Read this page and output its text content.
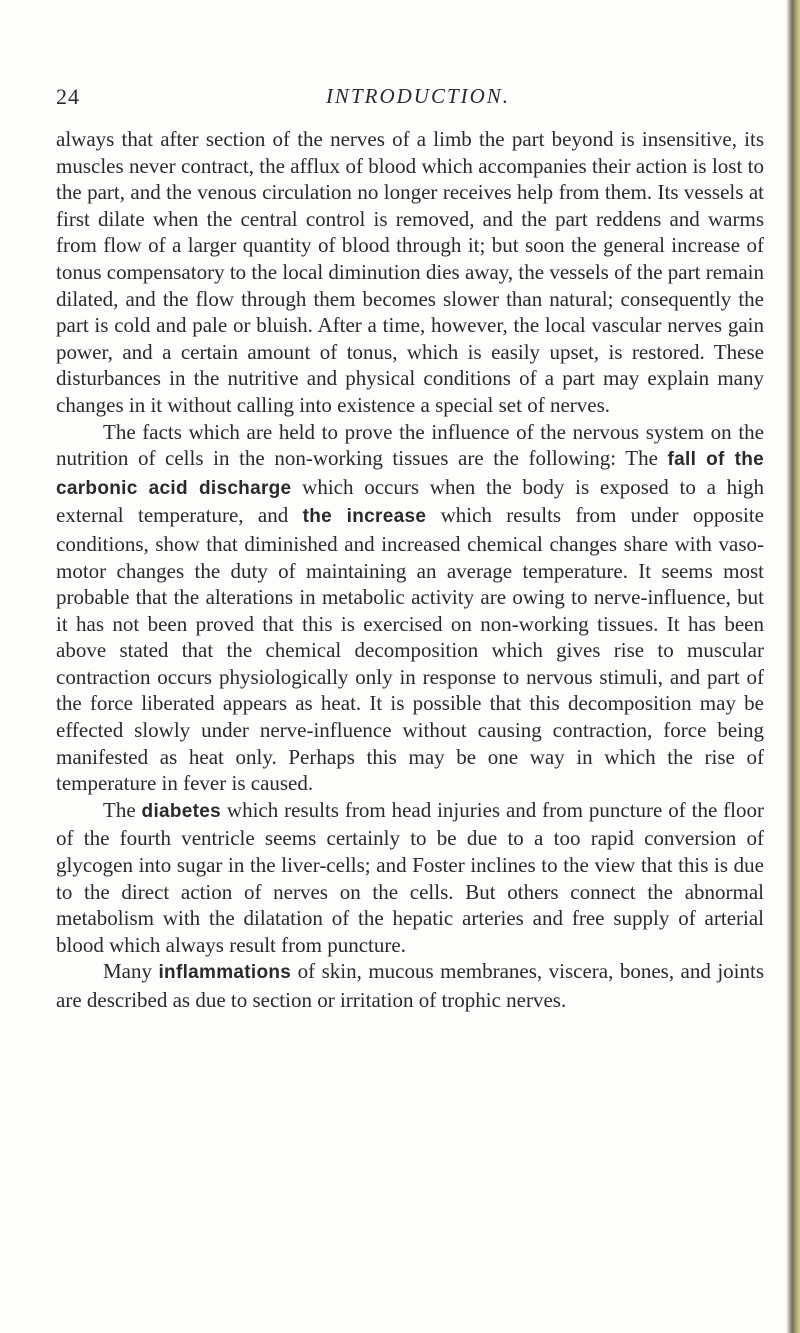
24	INTRODUCTION.

always that after section of the nerves of a limb the part beyond is insensitive, its muscles never contract, the afflux of blood which accompanies their action is lost to the part, and the venous circulation no longer receives help from them. Its vessels at first dilate when the central control is removed, and the part reddens and warms from flow of a larger quantity of blood through it; but soon the general increase of tonus compensatory to the local diminution dies away, the vessels of the part remain dilated, and the flow through them becomes slower than natural; consequently the part is cold and pale or bluish. After a time, however, the local vascular nerves gain power, and a certain amount of tonus, which is easily upset, is restored. These disturbances in the nutritive and physical conditions of a part may explain many changes in it without calling into existence a special set of nerves.

The facts which are held to prove the influence of the nervous system on the nutrition of cells in the non-working tissues are the following: The fall of the carbonic acid discharge which occurs when the body is exposed to a high external temperature, and the increase which results from under opposite conditions, show that diminished and increased chemical changes share with vaso-motor changes the duty of maintaining an average temperature. It seems most probable that the alterations in metabolic activity are owing to nerve-influence, but it has not been proved that this is exercised on non-working tissues. It has been above stated that the chemical decomposition which gives rise to muscular contraction occurs physiologically only in response to nervous stimuli, and part of the force liberated appears as heat. It is possible that this decomposition may be effected slowly under nerve-influence without causing contraction, force being manifested as heat only. Perhaps this may be one way in which the rise of temperature in fever is caused.

The diabetes which results from head injuries and from puncture of the floor of the fourth ventricle seems certainly to be due to a too rapid conversion of glycogen into sugar in the liver-cells; and Foster inclines to the view that this is due to the direct action of nerves on the cells. But others connect the abnormal metabolism with the dilatation of the hepatic arteries and free supply of arterial blood which always result from puncture.

Many inflammations of skin, mucous membranes, viscera, bones, and joints are described as due to section or irritation of trophic nerves.
